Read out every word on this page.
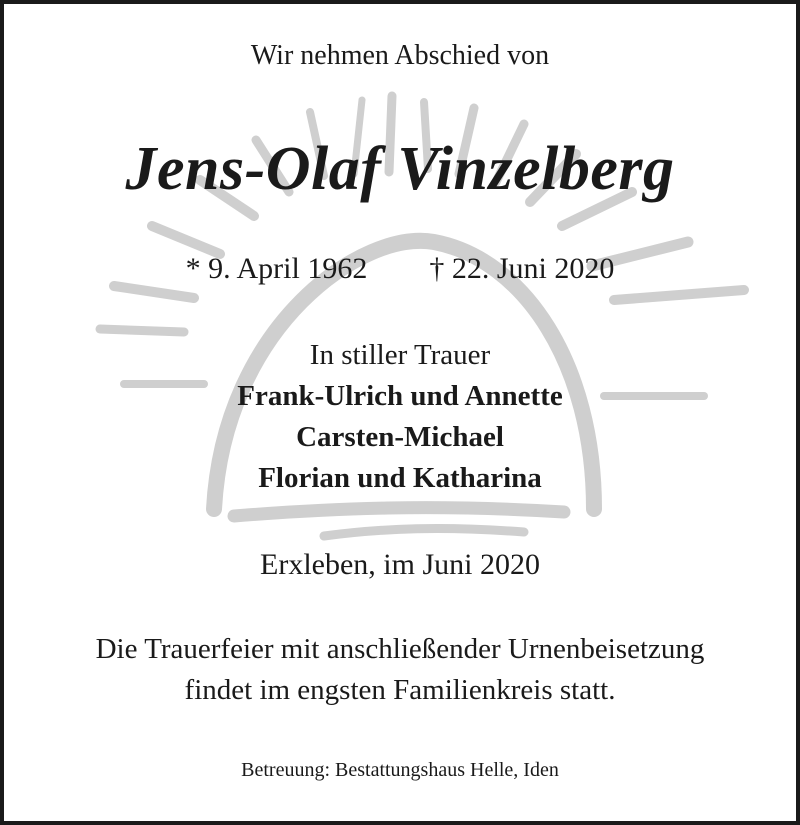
Wir nehmen Abschied von
Jens-Olaf Vinzelberg
* 9. April 1962 † 22. Juni 2020
In stiller Trauer
Frank-Ulrich und Annette
Carsten-Michael
Florian und Katharina
Erxleben, im Juni 2020
Die Trauerfeier mit anschließender Urnenbeisetzung
findet im engsten Familienkreis statt.
Betreuung: Bestattungshaus Helle, Iden
